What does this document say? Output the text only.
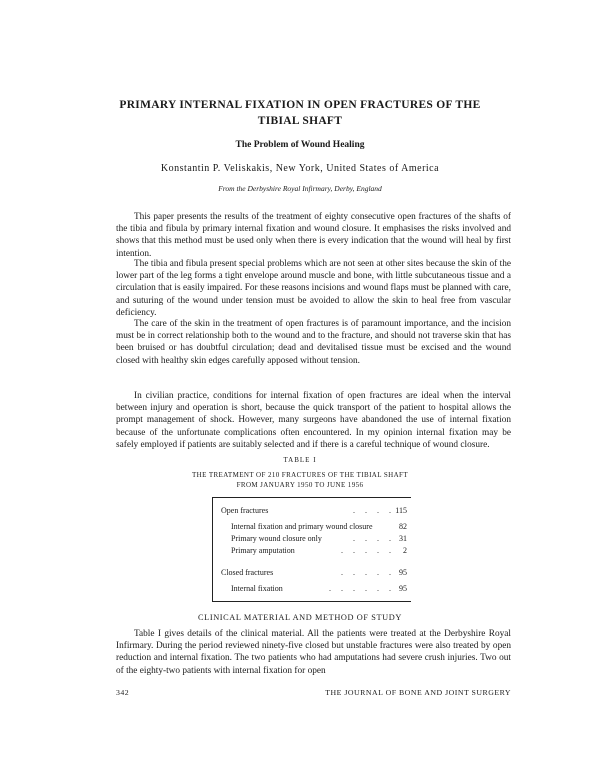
PRIMARY INTERNAL FIXATION IN OPEN FRACTURES OF THE TIBIAL SHAFT
The Problem of Wound Healing
Konstantin P. Veliskakis, New York, United States of America
From the Derbyshire Royal Infirmary, Derby, England

This paper presents the results of the treatment of eighty consecutive open fractures of the shafts of the tibia and fibula by primary internal fixation and wound closure. It emphasises the risks involved and shows that this method must be used only when there is every indication that the wound will heal by first intention.

The tibia and fibula present special problems which are not seen at other sites because the skin of the lower part of the leg forms a tight envelope around muscle and bone, with little subcutaneous tissue and a circulation that is easily impaired. For these reasons incisions and wound flaps must be planned with care, and suturing of the wound under tension must be avoided to allow the skin to heal free from vascular deficiency.

The care of the skin in the treatment of open fractures is of paramount importance, and the incision must be in correct relationship both to the wound and to the fracture, and should not traverse skin that has been bruised or has doubtful circulation; dead and devitalised tissue must be excised and the wound closed with healthy skin edges carefully apposed without tension.

In civilian practice, conditions for internal fixation of open fractures are ideal when the interval between injury and operation is short, because the quick transport of the patient to hospital allows the prompt management of shock. However, many surgeons have abandoned the use of internal fixation because of the unfortunate complications often encountered. In my opinion internal fixation may be safely employed if patients are suitably selected and if there is a careful technique of wound closure.

TABLE I
THE TREATMENT OF 210 FRACTURES OF THE TIBIAL SHAFT
FROM JANUARY 1950 TO JUNE 1956
Open fractures	. . . . 115
Internal fixation and primary wound closure	82
Primary wound closure only	. . . . 31
Primary amputation	. . . . .	2
Closed fractures	. . . . . 95
Internal fixation	. . . . . . 95
CLINICAL MATERIAL AND METHOD OF STUDY

Table I gives details of the clinical material. All the patients were treated at the Derbyshire Royal Infirmary. During the period reviewed ninety-five closed but unstable fractures were also treated by open reduction and internal fixation. The two patients who had amputations had severe crush injuries. Two out of the eighty-two patients with internal fixation for open

342	THE JOURNAL OF BONE AND JOINT SURGERY
